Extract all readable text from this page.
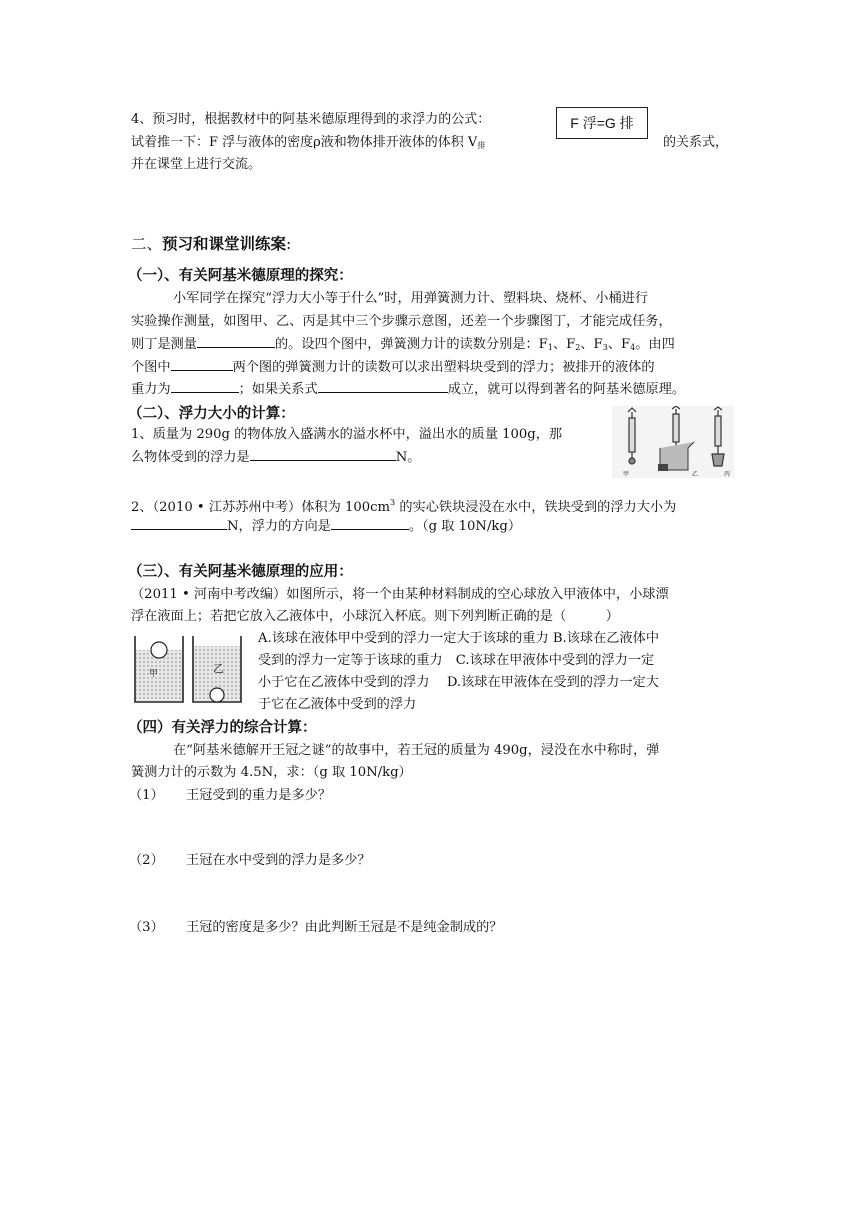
4、预习时，根据教材中的阿基米德原理得到的求浮力的公式：	F 浮=G 排
试着推一下：F 浮与液体的密度ρ液和物体排开液体的体积 $V_排$	的关系式，
并在课堂上进行交流。
二、预习和课堂训练案:
（一）、有关阿基米德原理的探究：
小军同学在探究“浮力大小等于什么”时，用弹簧测力计、塑料块、烧杯、小桶进行
实验操作测量，如图甲、乙、丙是其中三个步骤示意图，还差一个步骤图丁，才能完成任务，
则丁是测量	的。设四个图中，弹簧测力计的读数分别是：$F_1$、$F_2$、$F_3$、$F_4$。由四
个图中	两个图的弹簧测力计的读数可以求出塑料块受到的浮力；被排开的液体的
重力为	；如果关系式	成立，就可以得到著名的阿基米德原理。
（二）、浮力大小的计算：
1、质量为 290g 的物体放入盛满水的溢水杯中，溢出水的质量 100g，那
么物体受到的浮力是	N。
2、（2010 • 江苏苏州中考）体积为 $100cm^3$ 的实心铁块浸没在水中，铁块受到的浮力大小为
N，浮力的方向是	。（g 取 10N/kg）
甲	乙	丙
（三）、有关阿基米德原理的应用：
（2011 • 河南中考改编）如图所示，将一个由某种材料制成的空心球放入甲液体中，小球漂
浮在液面上；若把它放入乙液体中，小球沉入杯底。则下列判断正确的是（　　　）
A.该球在液体甲中受到的浮力一定大于该球的重力 B.该球在乙液体中
受到的浮力一定等于该球的重力　C.该球在甲液体中受到的浮力一定
小于它在乙液体中受到的浮力　 D.该球在甲液体在受到的浮力一定大
于它在乙液体中受到的浮力
甲	乙
（四）有关浮力的综合计算：
在“阿基米德解开王冠之谜”的故事中，若王冠的质量为 490g，浸没在水中称时，弹
簧测力计的示数为 4.5N，求：（g 取 10N/kg）
（1） 王冠受到的重力是多少？
（2） 王冠在水中受到的浮力是多少？
（3） 王冠的密度是多少？由此判断王冠是不是纯金制成的？
